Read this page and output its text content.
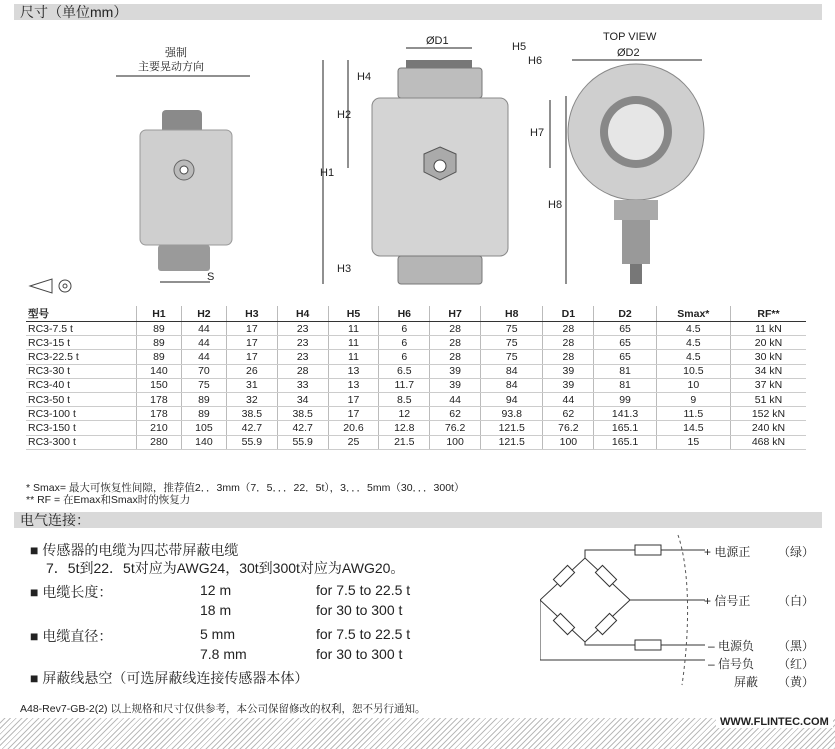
尺寸（单位mm）
强制
主要晃动方向
S
H1
H2
H4
H3
ØD1	H5
H6
TOP VIEW
ØD2
H7
H8
型号	H1	H2	H3	H4	H5	H6	H7	H8	D1	D2	Smax*	RF**
RC3-7.5 t	89	44	17	23	11	6	28	75	28	65	4.5	11 kN
RC3-15 t	89	44	17	23	11	6	28	75	28	65	4.5	20 kN
RC3-22.5 t	89	44	17	23	11	6	28	75	28	65	4.5	30 kN
RC3-30 t	140	70	26	28	13	6.5	39	84	39	81	10.5	34 kN
RC3-40 t	150	75	31	33	13	11.7	39	84	39	81	10	37 kN
RC3-50 t	178	89	32	34	17	8.5	44	94	44	99	9	51 kN
RC3-100 t	178	89	38.5	38.5	17	12	62	93.8	62	141.3	11.5	152 kN
RC3-150 t	210	105	42.7	42.7	20.6	12.8	76.2	121.5	76.2	165.1	14.5	240 kN
RC3-300 t	280	140	55.9	55.9	25	21.5	100	121.5	100	165.1	15	468 kN
* Smax= 最大可恢复性间隙，推荐值2．．3mm（7．5．．．22．5t），3．．．5mm（30．．．300t）
** RF = 在Emax和Smax时的恢复力
电气连接：
■ 传感器的电缆为四芯带屏蔽电缆
7．5t到22．5t对应为AWG24，30t到300t对应为AWG20。
■ 电缆长度：	12 m	for 7.5 to 22.5 t
18 m	for 30 to 300 t
■ 电缆直径：	5 mm	for 7.5 to 22.5 t
7.8 mm	for 30 to 300 t
■ 屏蔽线悬空（可选屏蔽线连接传感器本体）
+ 电源正 （绿）
+ 信号正 （白）
– 电源负 （黑）
– 信号负 （红）
屏蔽 （黄）
A48-Rev7-GB-2(2) 以上规格和尺寸仅供参考，本公司保留修改的权利，恕不另行通知。
WWW.FLINTEC.COM
